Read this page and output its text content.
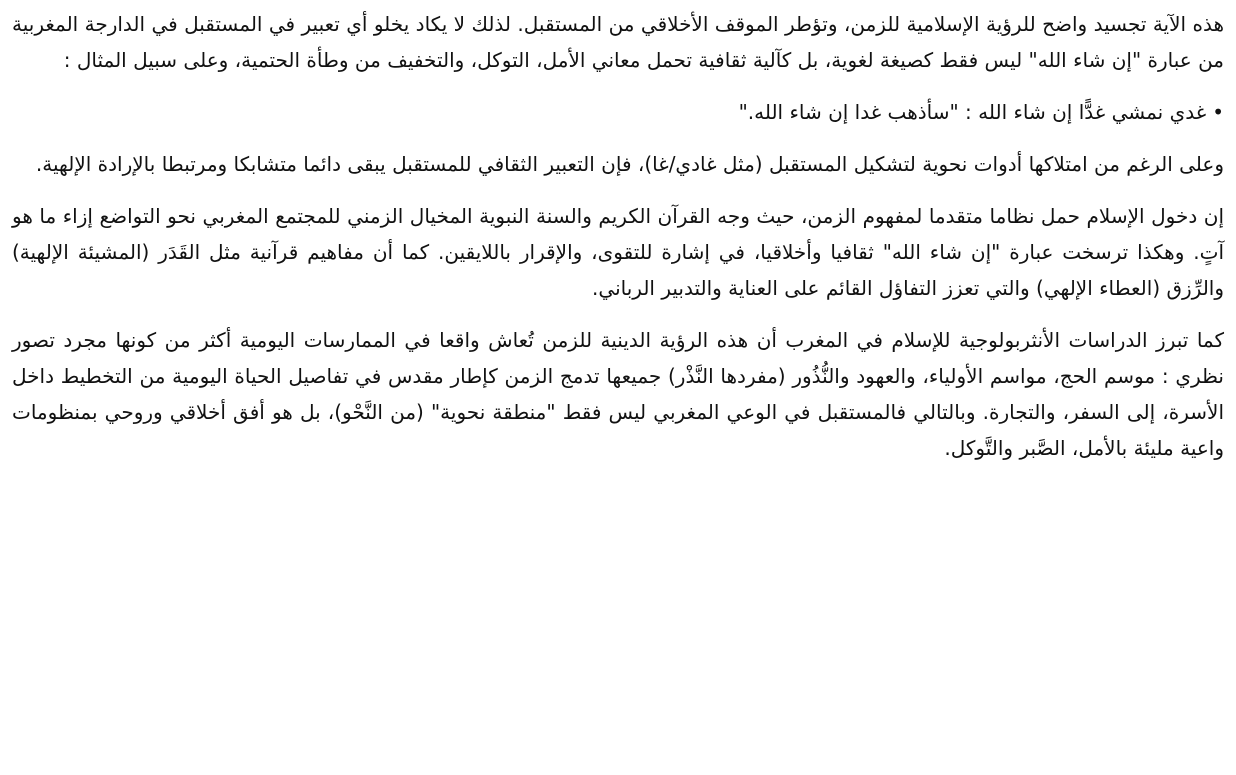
هذه الآية تجسيد واضح للرؤية الإسلامية للزمن، وتؤطر الموقف الأخلاقي من المستقبل. لذلك لا يكاد يخلو أي تعبير في المستقبل في الدارجة المغربية من عبارة "إن شاء الله" ليس فقط كصيغة لغوية، بل كآلية ثقافية تحمل معاني الأمل، التوكل، والتخفيف من وطأة الحتمية، وعلى سبيل المثال :

•غدي نمشي غدًّا إن شاء الله : "سأذهب غدا إن شاء الله."

وعلى الرغم من امتلاكها أدوات نحوية لتشكيل المستقبل (مثل غادي/غا)، فإن التعبير الثقافي للمستقبل يبقى دائما متشابكا ومرتبطا بالإرادة الإلهية.

إن دخول الإسلام حمل نظاما متقدما لمفهوم الزمن، حيث وجه القرآن الكريم والسنة النبوية المخيال الزمني للمجتمع المغربي نحو التواضع إزاء ما هو آتٍ. وهكذا ترسخت عبارة "إن شاء الله" ثقافيا وأخلاقيا، في إشارة للتقوى، والإقرار باللايقين. كما أن مفاهيم قرآنية مثل القَدَر (المشيئة الإلهية) والرِّزق (العطاء الإلهي) والتي تعزز التفاؤل القائم على العناية والتدبير الرباني.

كما تبرز الدراسات الأنثربولوجية للإسلام في المغرب أن هذه الرؤية الدينية للزمن تُعاش واقعا في الممارسات اليومية أكثر من كونها مجرد تصور نظري : موسم الحج، مواسم الأولياء، والعهود والنُّذُور (مفردها النَّذْر) جميعها تدمج الزمن كإطار مقدس في تفاصيل الحياة اليومية من التخطيط داخل الأسرة، إلى السفر، والتجارة. وبالتالي فالمستقبل في الوعي المغربي ليس فقط "منطقة نحوية" (من النَّحْو)، بل هو أفق أخلاقي وروحي بمنظومات واعية مليئة بالأمل، الصَّبر والتَّوكل.
